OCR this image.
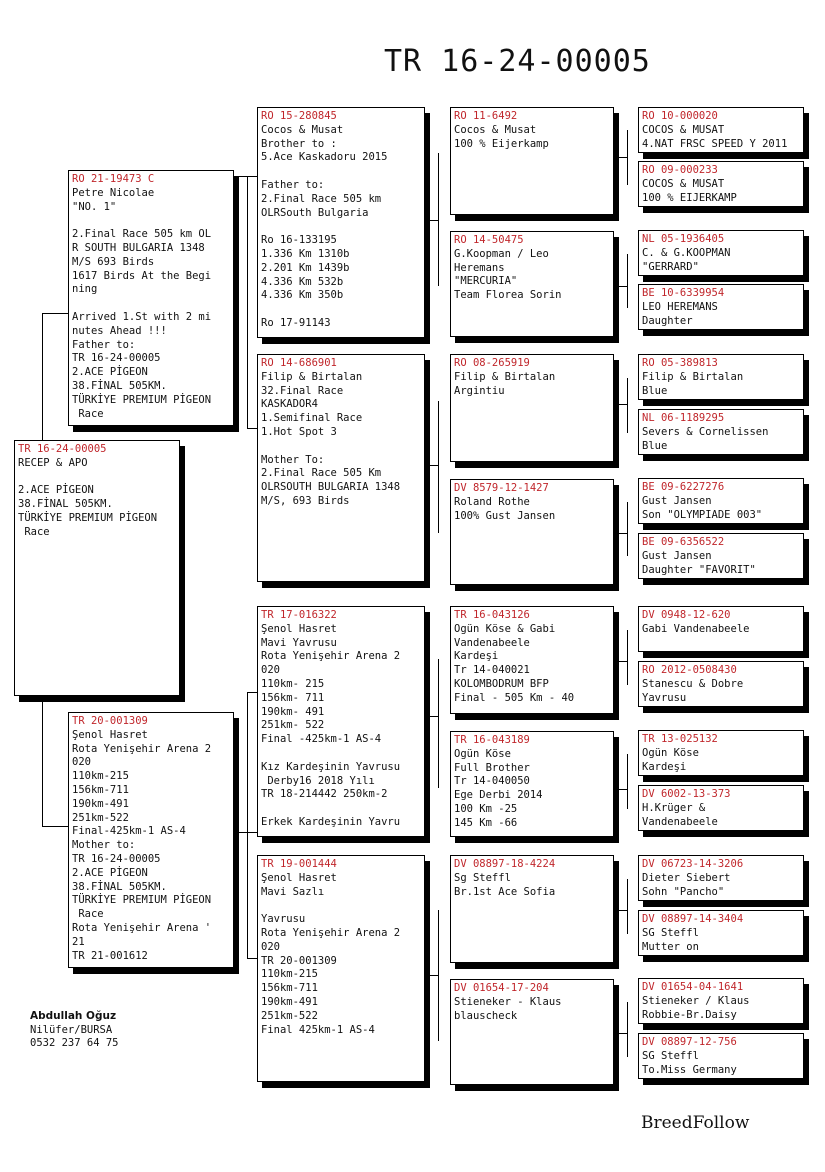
TR 16-24-00005
TR 16-24-00005
RECEP & APO
2.ACE PİGEON
38.FİNAL 505KM.
TÜRKİYE PREMIUM PİGEON
Race
RO 21-19473 C
Petre Nicolae
"NO. 1"
2.Final Race 505 km OL
R SOUTH BULGARIA 1348
M/S 693 Birds
1617 Birds At the Begi
ning
Arrived 1.St with 2 mi
nutes Ahead !!!
Father to:
TR 16-24-00005
2.ACE PİGEON
38.FİNAL 505KM.
TÜRKİYE PREMIUM PİGEON
Race
TR 20-001309
Şenol Hasret
Rota Yenişehir Arena 2
020
110km-215
156km-711
190km-491
251km-522
Final-425km-1 AS-4
Mother to:
TR 16-24-00005
2.ACE PİGEON
38.FİNAL 505KM.
TÜRKİYE PREMIUM PİGEON
Race
Rota Yenişehir Arena '
21
TR 21-001612
RO 15-280845
Cocos & Musat
Brother to :
5.Ace Kaskadoru 2015
Father to:
2.Final Race 505 km
OLRSouth Bulgaria
Ro 16-133195
1.336 Km 1310b
2.201 Km 1439b
4.336 Km 532b
4.336 Km 350b
Ro 17-91143
RO 14-686901
Filip & Birtalan
32.Final Race
KASKADOR4
1.Semifinal Race
1.Hot Spot 3
Mother To:
2.Final Race 505 Km
OLRSOUTH BULGARIA 1348
M/S, 693 Birds
TR 17-016322
Şenol Hasret
Mavi Yavrusu
Rota Yenişehir Arena 2
020
110km- 215
156km- 711
190km- 491
251km- 522
Final -425km-1 AS-4
Kız Kardeşinin Yavrusu
Derby16 2018 Yılı
TR 18-214442 250km-2
Erkek Kardeşinin Yavru
TR 19-001444
Şenol Hasret
Mavi Sazlı
Yavrusu
Rota Yenişehir Arena 2
020
TR 20-001309
110km-215
156km-711
190km-491
251km-522
Final 425km-1 AS-4
RO 11-6492
Cocos & Musat
100 % Eijerkamp
RO 14-50475
G.Koopman / Leo
Heremans
"MERCURIA"
Team Florea Sorin
RO 08-265919
Filip & Birtalan
Argintiu
DV 8579-12-1427
Roland Rothe
100% Gust Jansen
TR 16-043126
Ogün Köse & Gabi
Vandenabeele
Kardeşi
Tr 14-040021
KOLOMBODRUM BFP
Final - 505 Km - 40
TR 16-043189
Ogün Köse
Full Brother
Tr 14-040050
Ege Derbi 2014
100 Km -25
145 Km -66
DV 08897-18-4224
Sg Steffl
Br.1st Ace Sofia
DV 01654-17-204
Stieneker - Klaus
blauscheck
RO 10-000020
COCOS & MUSAT
4.NAT FRSC SPEED Y 2011
RO 09-000233
COCOS & MUSAT
100 % EIJERKAMP
NL 05-1936405
C. & G.KOOPMAN
"GERRARD"
BE 10-6339954
LEO HEREMANS
Daughter
RO 05-389813
Filip & Birtalan
Blue
NL 06-1189295
Severs & Cornelissen
Blue
BE 09-6227276
Gust Jansen
Son "OLYMPIADE 003"
BE 09-6356522
Gust Jansen
Daughter "FAVORIT"
DV 0948-12-620
Gabi Vandenabeele
RO 2012-0508430
Stanescu & Dobre
Yavrusu
TR 13-025132
Ogün Köse
Kardeşi
DV 6002-13-373
H.Krüger &
Vandenabeele
DV 06723-14-3206
Dieter Siebert
Sohn "Pancho"
DV 08897-14-3404
SG Steffl
Mutter on
DV 01654-04-1641
Stieneker / Klaus
Robbie-Br.Daisy
DV 08897-12-756
SG Steffl
To.Miss Germany
Abdullah Oğuz
Nilüfer/BURSA
0532 237 64 75
BreedFollow
